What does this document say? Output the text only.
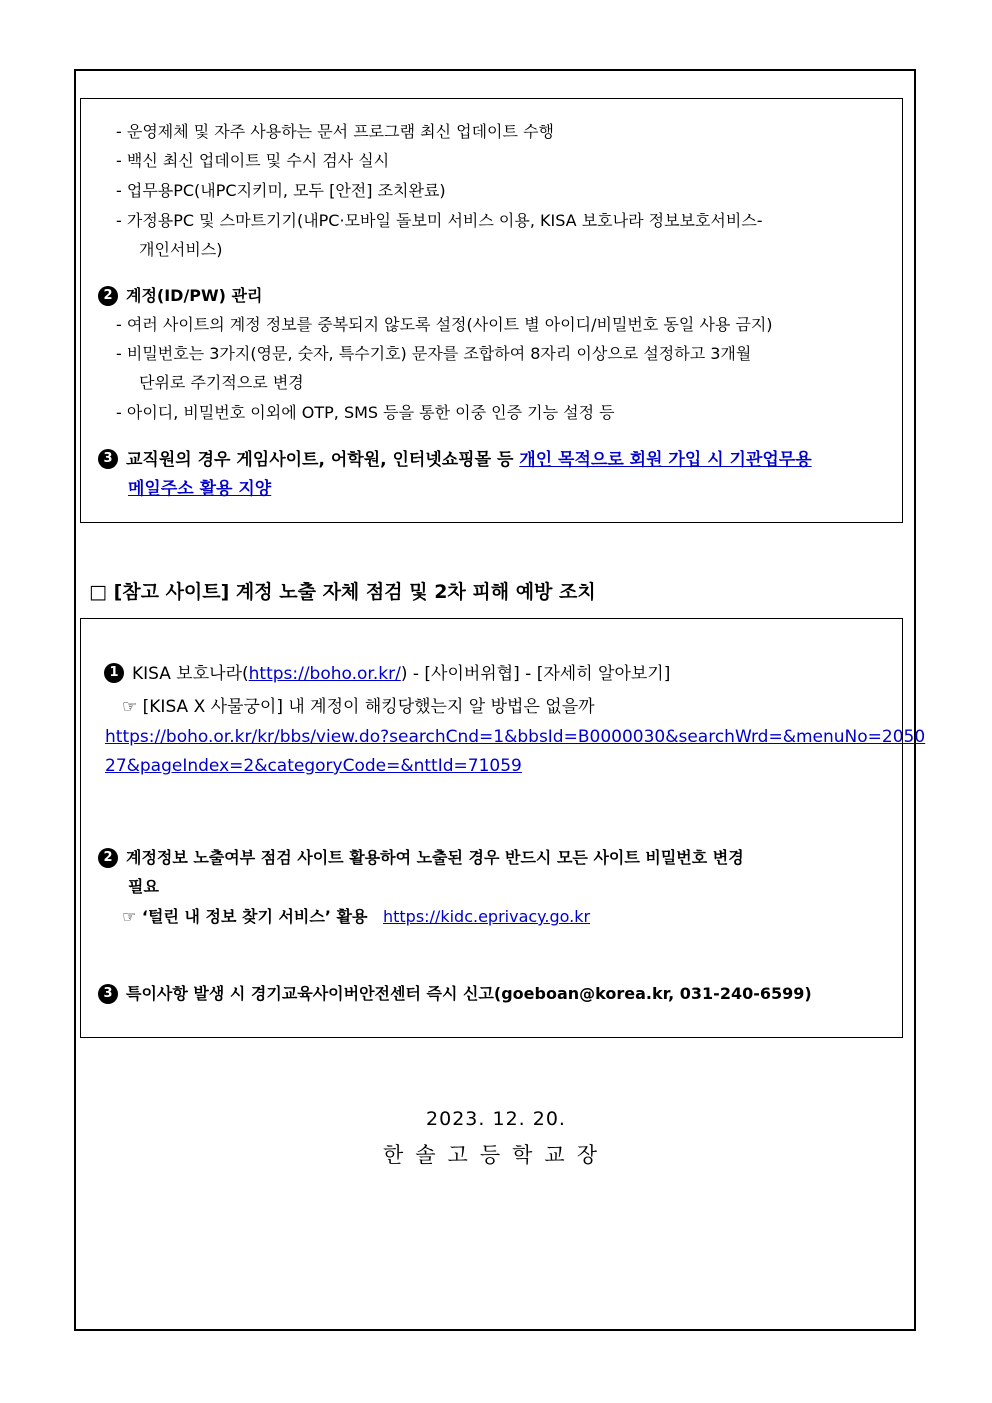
- 운영제체 및 자주 사용하는 문서 프로그램 최신 업데이트 수행
- 백신 최신 업데이트 및 수시 검사 실시
- 업무용PC(내PC지키미, 모두 [안전] 조치완료)
- 가정용PC 및 스마트기기(내PC·모바일 돌보미 서비스 이용, KISA 보호나라 정보보호서비스-
개인서비스)
2 계정(ID/PW) 관리
- 여러 사이트의 계정 정보를 중복되지 않도록 설정(사이트 별 아이디/비밀번호 동일 사용 금지)
- 비밀번호는 3가지(영문, 숫자, 특수기호) 문자를 조합하여 8자리 이상으로 설정하고 3개월
단위로 주기적으로 변경
- 아이디, 비밀번호 이외에 OTP, SMS 등을 통한 이중 인증 기능 설정 등
3 교직원의 경우 게임사이트, 어학원, 인터넷쇼핑몰 등 개인 목적으로 회원 가입 시 기관업무용
메일주소 활용 지양
□ [참고 사이트] 계정 노출 자체 점검 및 2차 피해 예방 조치
1 KISA 보호나라(https://boho.or.kr/) - [사이버위협] - [자세히 알아보기]
☞ [KISA X 사물궁이] 내 계정이 해킹당했는지 알 방법은 없을까
https://boho.or.kr/kr/bbs/view.do?searchCnd=1&bbsId=B0000030&searchWrd=&menuNo=2050
27&pageIndex=2&categoryCode=&nttId=71059
2 계정정보 노출여부 점검 사이트 활용하여 노출된 경우 반드시 모든 사이트 비밀번호 변경
필요
☞ ‘털린 내 정보 찾기 서비스’ 활용 https://kidc.eprivacy.go.kr
3 특이사항 발생 시 경기교육사이버안전센터 즉시 신고(goeboan@korea.kr, 031-240-6599)
2023. 12. 20.
한솔고등학교장
